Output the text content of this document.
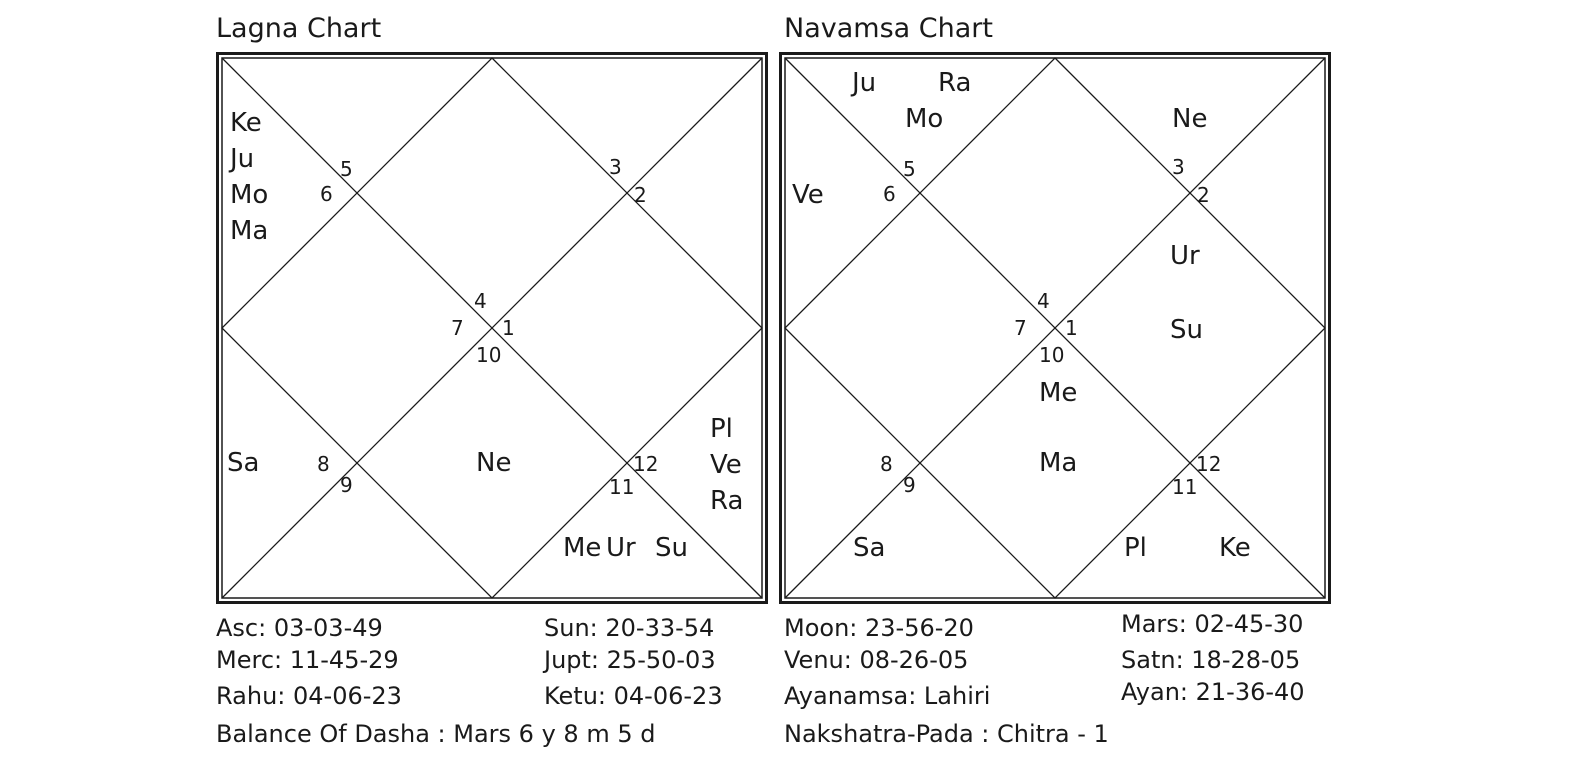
Lagna Chart
5
6
3
2
4
7 1
10
8
9
12
11
Ke
Ju
Mo
Ma
Sa	Ne
Pl
Ve
Ra
Me Ur Su
Navamsa Chart
5
6
3
2
4
7 1
10
8
9
12
11
Ju Ra
Mo	Ne
Ve
Ur
Su
Me
Ma
Sa	Pl	Ke
Asc: 03-03-49	Sun: 20-33-54
Merc: 11-45-29	Jupt: 25-50-03
Rahu: 04-06-23	Ketu: 04-06-23
Balance Of Dasha : Mars 6 y 8 m 5 d
Moon: 23-56-20	Mars: 02-45-30
Venu: 08-26-05	Satn: 18-28-05
Ayanamsa: Lahiri	Ayan: 21-36-40
Nakshatra-Pada : Chitra - 1
